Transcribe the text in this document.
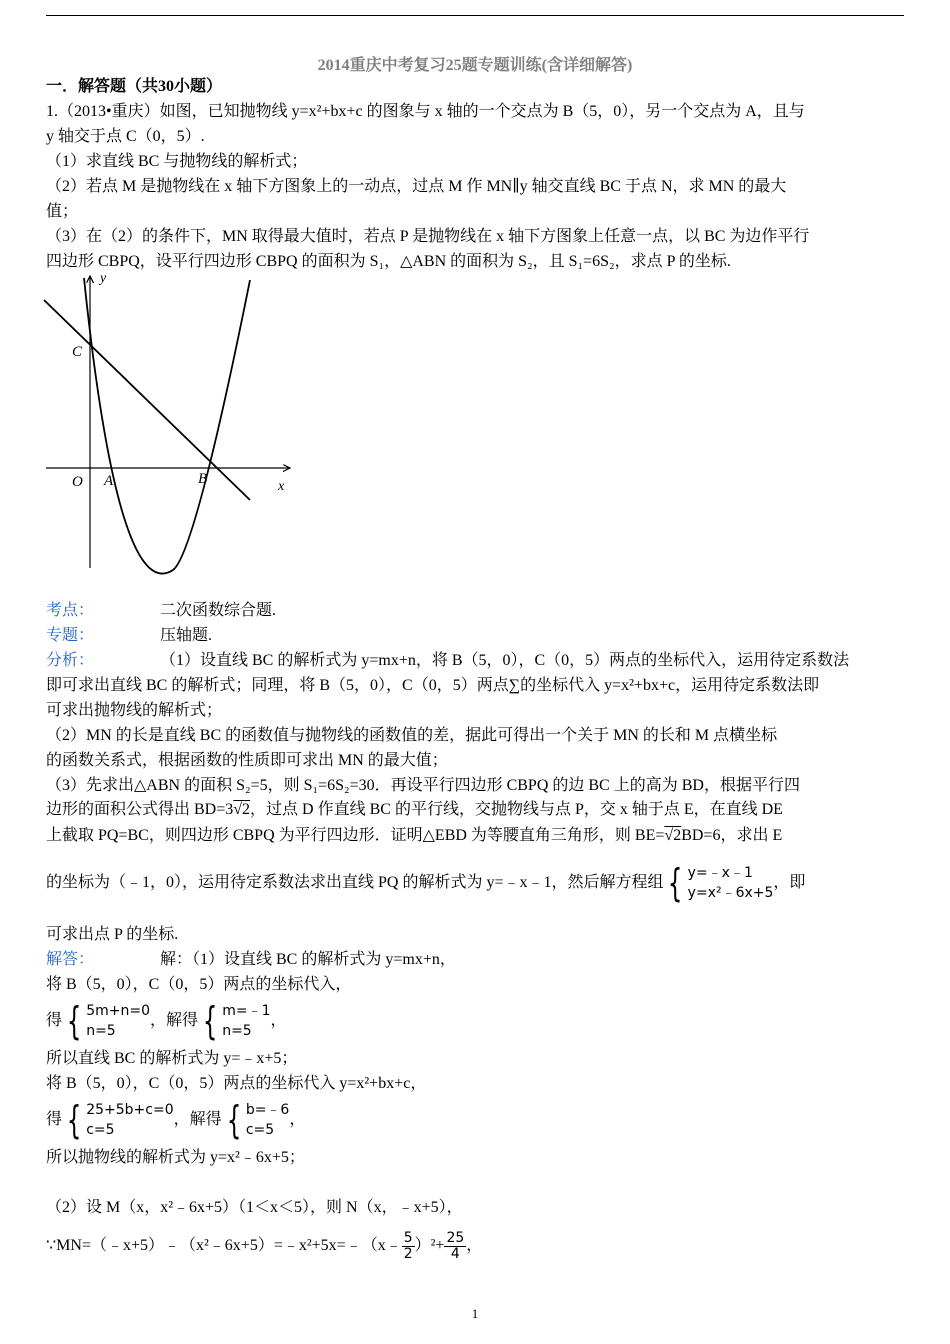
2014重庆中考复习25题专题训练(含详细解答)
一．解答题（共30小题）
1.（2013•重庆）如图，已知抛物线 y=x²+bx+c 的图象与 x 轴的一个交点为 B（5，0），另一个交点为 A，且与
y 轴交于点 C（0，5）.
（1）求直线 BC 与抛物线的解析式；
（2）若点 M 是抛物线在 x 轴下方图象上的一动点，过点 M 作 MN∥y 轴交直线 BC 于点 N，求 MN 的最大
值；
（3）在（2）的条件下，MN 取得最大值时，若点 P 是抛物线在 x 轴下方图象上任意一点，以 BC 为边作平行
四边形 CBPQ，设平行四边形 CBPQ 的面积为 S₁，△ABN 的面积为 S₂，且 S₁=6S₂，求点 P 的坐标.
y
x
C
O A	B
考点：	二次函数综合题.
专题：	压轴题.
分析：	（1）设直线 BC 的解析式为 y=mx+n，将 B（5，0），C（0，5）两点的坐标代入，运用待定系数法
即可求出直线 BC 的解析式；同理，将 B（5，0），C（0，5）两点∑的坐标代入 y=x²+bx+c，运用待定系数法即
可求出抛物线的解析式；
（2）MN 的长是直线 BC 的函数值与抛物线的函数值的差，据此可得出一个关于 MN 的长和 M 点横坐标
的函数关系式，根据函数的性质即可求出 MN 的最大值；
（3）先求出△ABN 的面积 S₂=5，则 S₁=6S₂=30．再设平行四边形 CBPQ 的边 BC 上的高为 BD，根据平行四
边形的面积公式得出 BD=3√2，过点 D 作直线 BC 的平行线，交抛物线与点 P，交 x 轴于点 E，在直线 DE
上截取 PQ=BC，则四边形 CBPQ 为平行四边形．证明△EBD 为等腰直角三角形，则 BE=√2BD=6，求出 E
的坐标为（﹣1，0），运用待定系数法求出直线 PQ 的解析式为 y=﹣x﹣1，然后解方程组 { y=﹣x﹣1
y=x²﹣6x+5
，即
可求出点 P 的坐标.
解答：	解：（1）设直线 BC 的解析式为 y=mx+n，
将 B（5，0），C（0，5）两点的坐标代入，
得 { 5m+n=0
n=5
，解得 { m=﹣1
n=5
，
所以直线 BC 的解析式为 y=﹣x+5；
将 B（5，0），C（0，5）两点的坐标代入 y=x²+bx+c，
得 { 25+5b+c=0
c=5
，解得 { b=﹣6
c=5
，
所以抛物线的解析式为 y=x²﹣6x+5；
（2）设 M（x，x²﹣6x+5）（1＜x＜5），则 N（x，﹣x+5），
∵MN=（﹣x+5）﹣（x²﹣6x+5）=﹣x²+5x=﹣（x﹣ $\frac{5}{2} )^2+ \frac{25}{4}$ ，
1
